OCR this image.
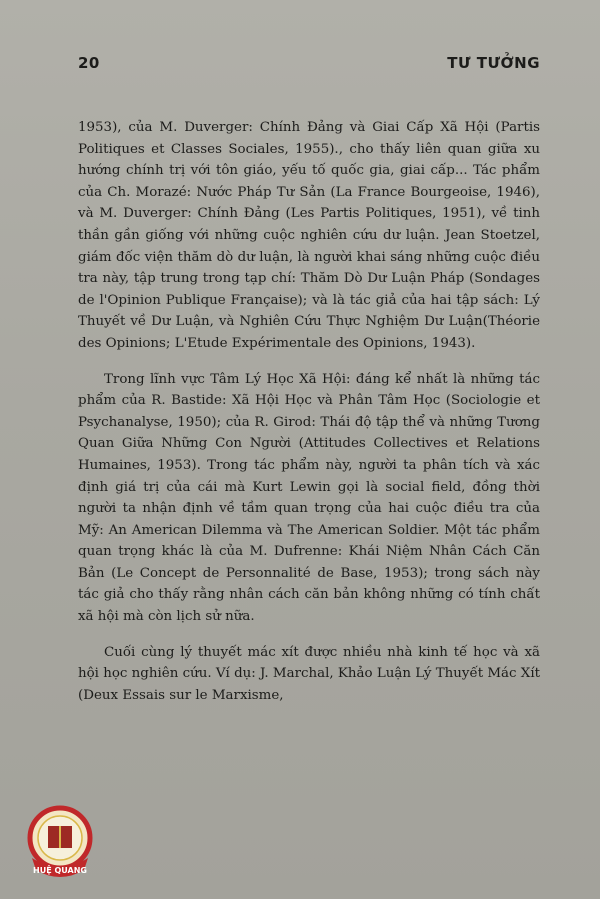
20	TƯ TƯỞNG

1953), của M. Duverger: Chính Đảng và Giai Cấp Xã Hội (Partis Politiques et Classes Sociales, 1955)., cho thấy liên quan giữa xu hướng chính trị với tôn giáo, yếu tố quốc gia, giai cấp... Tác phẩm của Ch. Morazé: Nước Pháp Tư Sản (La France Bourgeoise, 1946), và M. Duverger: Chính Đảng (Les Partis Politiques, 1951), về tinh thần gần giống với những cuộc nghiên cứu dư luận. Jean Stoetzel, giám đốc viện thăm dò dư luận, là người khai sáng những cuộc điều tra này, tập trung trong tạp chí: Thăm Dò Dư Luận Pháp (Sondages de l'Opinion Publique Française); và là tác giả của hai tập sách: Lý Thuyết về Dư Luận, và Nghiên Cứu Thực Nghiệm Dư Luận(Théorie des Opinions; L'Etude Expérimentale des Opinions, 1943).

Trong lĩnh vực Tâm Lý Học Xã Hội: đáng kể nhất là những tác phẩm của R. Bastide: Xã Hội Học và Phân Tâm Học (Sociologie et Psychanalyse, 1950); của R. Girod: Thái độ tập thể và những Tương Quan Giữa Những Con Người (Attitudes Collectives et Relations Humaines, 1953). Trong tác phẩm này, người ta phân tích và xác định giá trị của cái mà Kurt Lewin gọi là social field, đồng thời người ta nhận định về tầm quan trọng của hai cuộc điều tra của Mỹ: An American Dilemma và The American Soldier. Một tác phẩm quan trọng khác là của M. Dufrenne: Khái Niệm Nhân Cách Căn Bản (Le Concept de Personnalité de Base, 1953); trong sách này tác giả cho thấy rằng nhân cách căn bản không những có tính chất xã hội mà còn lịch sử nữa.

Cuối cùng lý thuyết mác xít được nhiều nhà kinh tế học và xã hội học nghiên cứu. Ví dụ: J. Marchal, Khảo Luận Lý Thuyết Mác Xít (Deux Essais sur le Marxisme,

HUỆ QUANG
